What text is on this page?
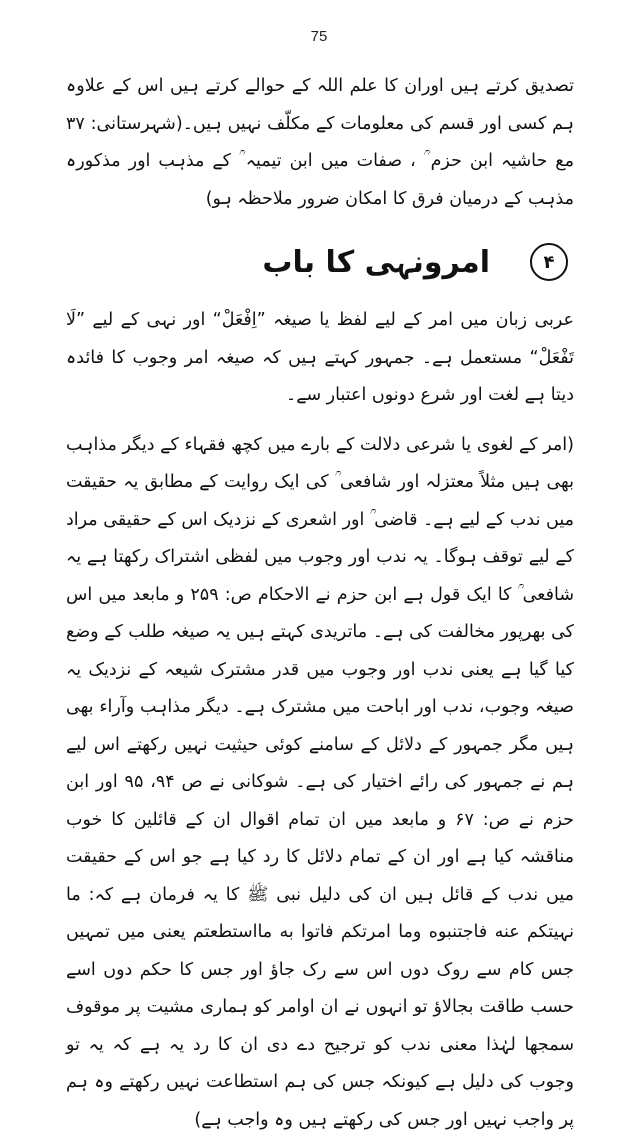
75

تصدیق کرتے ہیں اوران کا علم اللہ کے حوالے کرتے ہیں اس کے علاوہ ہم کسی اور قسم کی معلومات کے مکلّف نہیں ہیں۔(شہرستانی: ۳۷ مع حاشیہ ابن حزم ؒ ، صفات میں ابن تیمیہ ؒ کے مذہب اور مذکورہ مذہب کے درمیان فرق کا امکان ضرور ملاحظہ ہو)

۴
امرونہی کا باب

عربی زبان میں امر کے لیے لفظ یا صیغہ ”اِفْعَلْ“ اور نہی کے لیے ”لَا تَفْعَلْ“ مستعمل ہے۔ جمہور کہتے ہیں کہ صیغہ امر وجوب کا فائدہ دیتا ہے لغت اور شرع دونوں اعتبار سے۔

(امر کے لغوی یا شرعی دلالت کے بارے میں کچھ فقہاء کے دیگر مذاہب بھی ہیں مثلاً معتزلہ اور شافعی ؒ کی ایک روایت کے مطابق یہ حقیقت میں ندب کے لیے ہے۔ قاضی ؒ اور اشعری کے نزدیک اس کے حقیقی مراد کے لیے توقف ہوگا۔ یہ ندب اور وجوب میں لفظی اشتراک رکھتا ہے یہ شافعی ؒ کا ایک قول ہے ابن حزم نے الاحکام ص: ۲۵۹ و مابعد میں اس کی بھرپور مخالفت کی ہے۔ ماتریدی کہتے ہیں یہ صیغہ طلب کے وضع کیا گیا ہے یعنی ندب اور وجوب میں قدر مشترک شیعہ کے نزدیک یہ صیغہ وجوب، ندب اور اباحت میں مشترک ہے۔ دیگر مذاہب وآراء بھی ہیں مگر جمہور کے دلائل کے سامنے کوئی حیثیت نہیں رکھتے اس لیے ہم نے جمہور کی رائے اختیار کی ہے۔ شوکانی نے ص ۹۴، ۹۵ اور ابن حزم نے ص: ۶۷ و مابعد میں ان تمام اقوال ان کے قائلین کا خوب مناقشہ کیا ہے اور ان کے تمام دلائل کا رد کیا ہے جو اس کے حقیقت میں ندب کے قائل ہیں ان کی دلیل نبی ﷺ کا یہ فرمان ہے کہ: ما نہیتکم عنه فاجتنبوه وما امرتکم فاتوا به مااستطعتم یعنی میں تمہیں جس کام سے روک دوں اس سے رک جاؤ اور جس کا حکم دوں اسے حسب طاقت بجالاؤ تو انہوں نے ان اوامر کو ہماری مشیت پر موقوف سمجھا لہٰذا معنی ندب کو ترجیح دے دی ان کا رد یہ ہے کہ یہ تو وجوب کی دلیل ہے کیونکہ جس کی ہم استطاعت نہیں رکھتے وہ ہم پر واجب نہیں اور جس کی رکھتے ہیں وہ واجب ہے)
